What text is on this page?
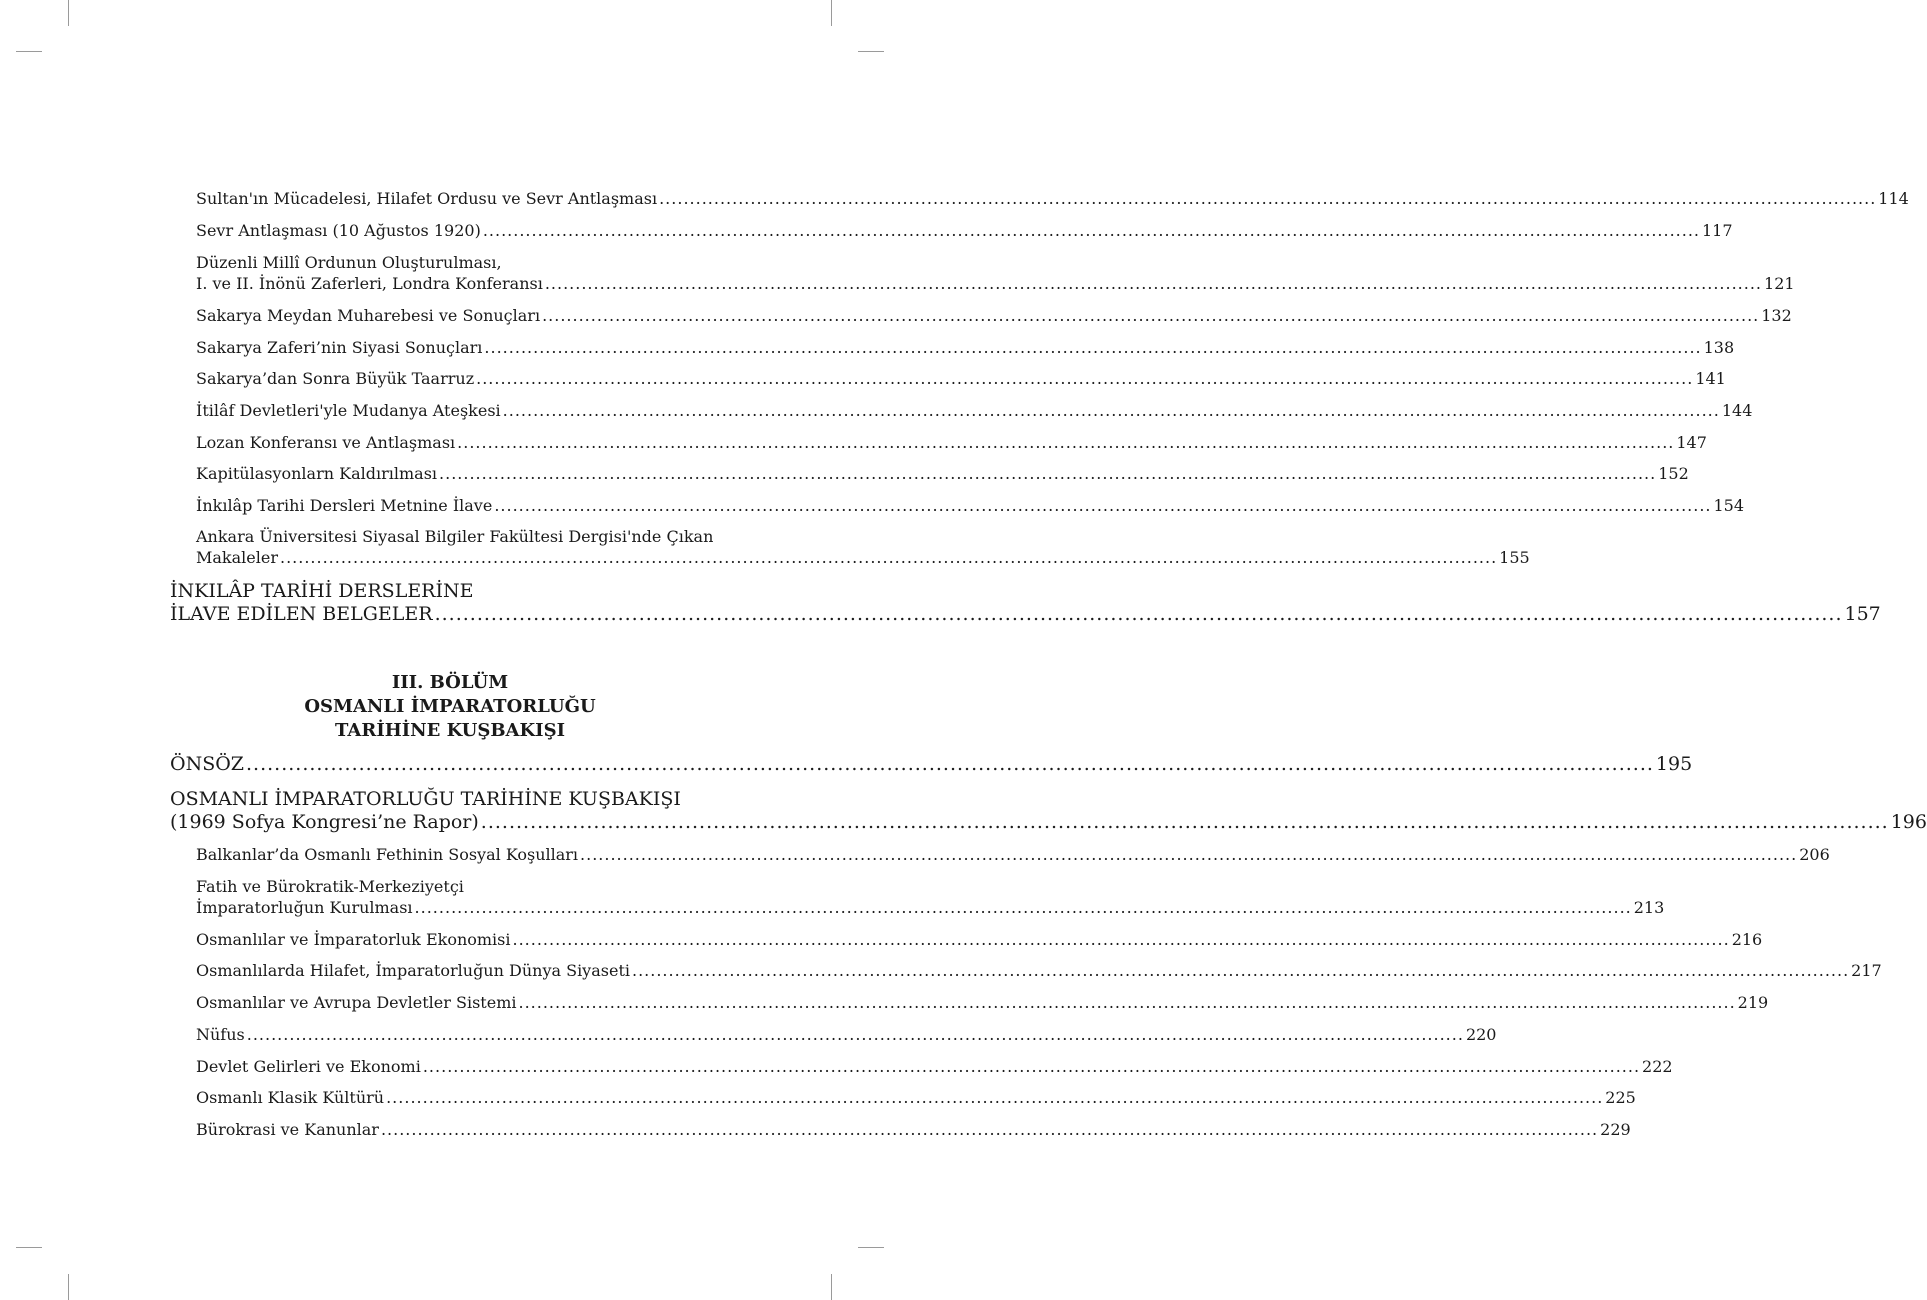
Sultan'ın Mücadelesi, Hilafet Ordusu ve Sevr Antlaşması ........................................................................................................................................................................................................ 114
Sevr Antlaşması (10 Ağustos 1920) ........................................................................................................................................................................................................ 117
Düzenli Millî Ordunun Oluşturulması,
I. ve II. İnönü Zaferleri, Londra Konferansı ........................................................................................................................................................................................................ 121
Sakarya Meydan Muharebesi ve Sonuçları ........................................................................................................................................................................................................ 132
Sakarya Zaferi’nin Siyasi Sonuçları ........................................................................................................................................................................................................ 138
Sakarya’dan Sonra Büyük Taarruz ........................................................................................................................................................................................................ 141
İtilâf Devletleri'yle Mudanya Ateşkesi ........................................................................................................................................................................................................ 144
Lozan Konferansı ve Antlaşması ........................................................................................................................................................................................................ 147
Kapitülasyonlarn Kaldırılması ........................................................................................................................................................................................................ 152
İnkılâp Tarihi Dersleri Metnine İlave ........................................................................................................................................................................................................ 154
Ankara Üniversitesi Siyasal Bilgiler Fakültesi Dergisi'nde Çıkan
Makaleler ........................................................................................................................................................................................................ 155
İNKILÂP TARİHİ DERSLERİNE
İLAVE EDİLEN BELGELER ........................................................................................................................................................................................................ 157
III. BÖLÜM
OSMANLI İMPARATORLUĞU
TARİHİNE KUŞBAKIŞI
ÖNSÖZ ........................................................................................................................................................................................................ 195
OSMANLI İMPARATORLUĞU TARİHİNE KUŞBAKIŞI
(1969 Sofya Kongresi’ne Rapor) ........................................................................................................................................................................................................ 196
Balkanlar’da Osmanlı Fethinin Sosyal Koşulları ........................................................................................................................................................................................................ 206
Fatih ve Bürokratik-Merkeziyetçi
İmparatorluğun Kurulması ........................................................................................................................................................................................................ 213
Osmanlılar ve İmparatorluk Ekonomisi ........................................................................................................................................................................................................ 216
Osmanlılarda Hilafet, İmparatorluğun Dünya Siyaseti ........................................................................................................................................................................................................ 217
Osmanlılar ve Avrupa Devletler Sistemi ........................................................................................................................................................................................................ 219
Nüfus ........................................................................................................................................................................................................ 220
Devlet Gelirleri ve Ekonomi ........................................................................................................................................................................................................ 222
Osmanlı Klasik Kültürü ........................................................................................................................................................................................................ 225
Bürokrasi ve Kanunlar ........................................................................................................................................................................................................ 229
